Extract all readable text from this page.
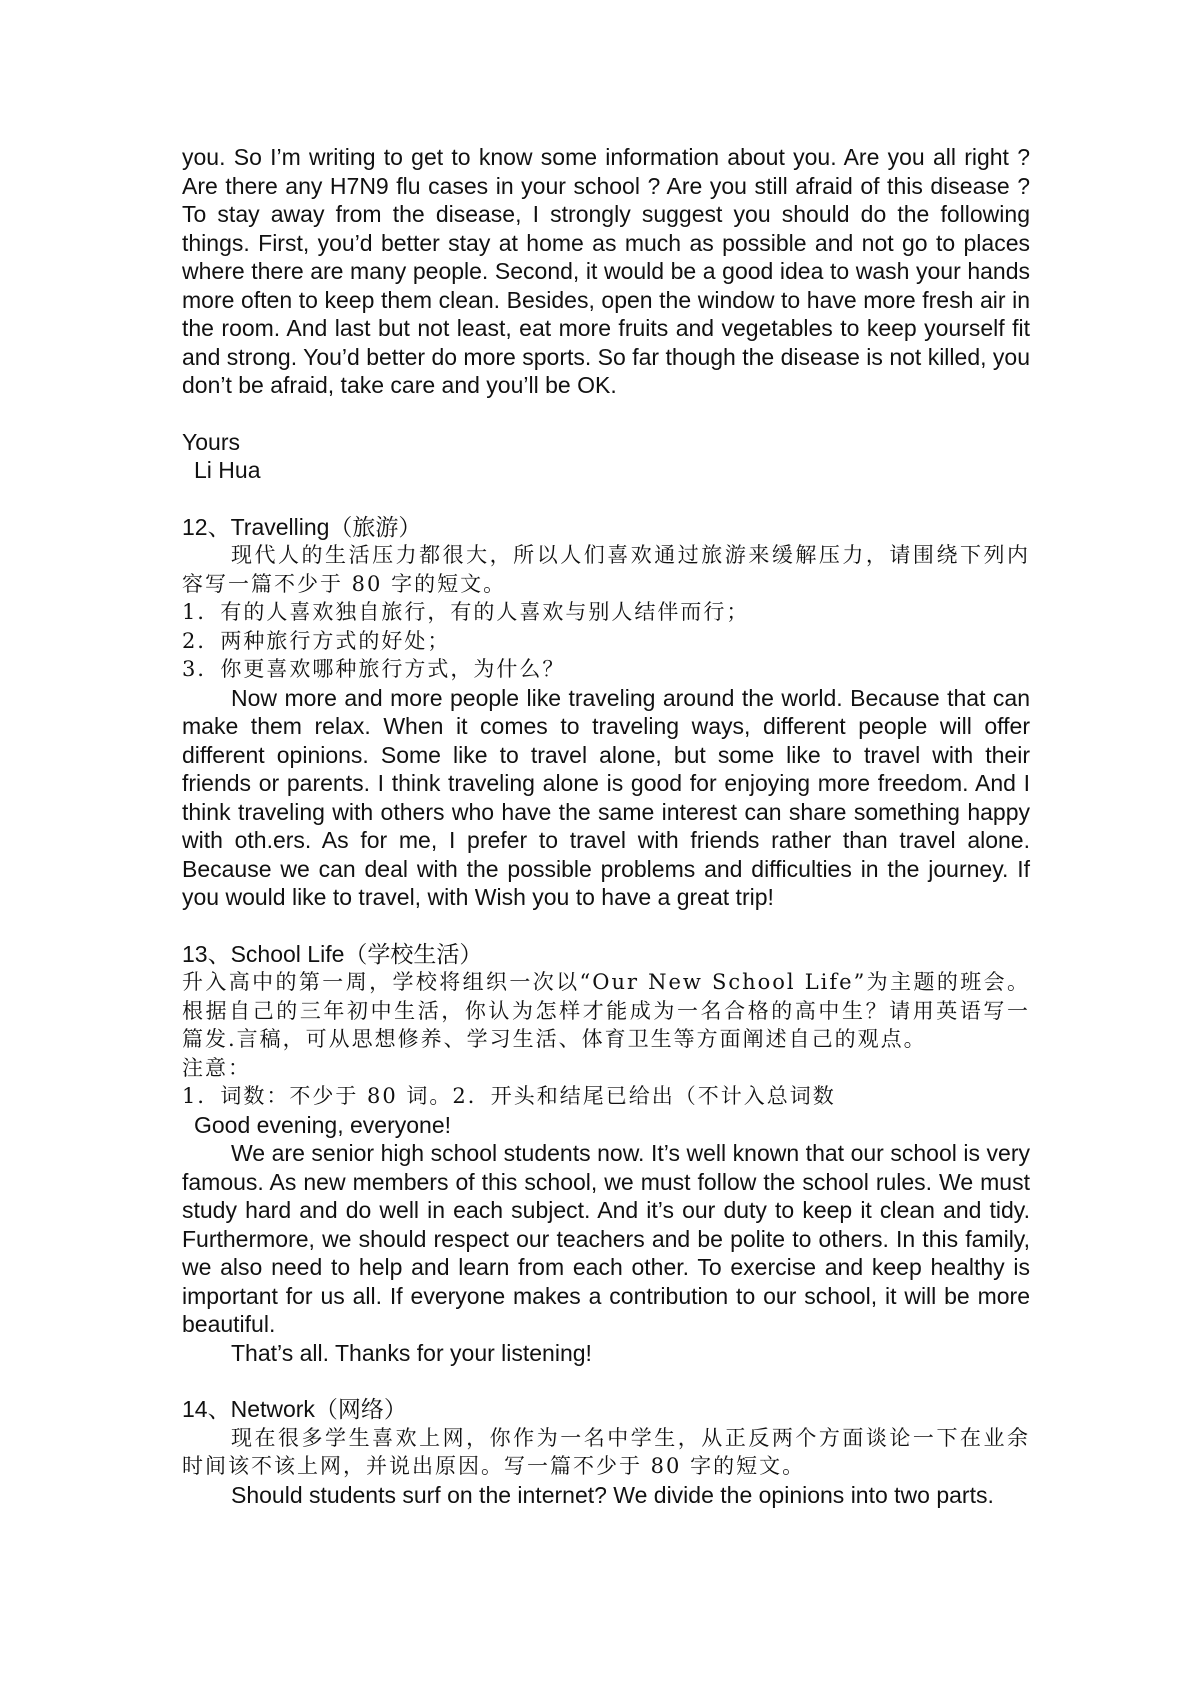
you. So I’m writing to get to know some information about you. Are you all right ? Are there any H7N9 flu cases in your school ? Are you still afraid of this disease ? To stay away from the disease, I strongly suggest you should do the following things. First, you’d better stay at home as much as possible and not go to places where there are many people. Second, it would be a good idea to wash your hands more often to keep them clean. Besides, open the window to have more fresh air in the room. And last but not least, eat more fruits and vegetables to keep yourself fit and strong. You’d better do more sports. So far though the disease is not killed, you don’t be afraid, take care and you’ll be OK.

Yours

Li Hua

12、Travelling（旅游）

现代人的生活压力都很大，所以人们喜欢通过旅游来缓解压力，请围绕下列内容写一篇不少于 80 字的短文。

1．有的人喜欢独自旅行，有的人喜欢与别人结伴而行；

2．两种旅行方式的好处；

3．你更喜欢哪种旅行方式，为什么？

Now more and more people like traveling around the world. Because that can make them relax. When it comes to traveling ways, different people will offer different opinions. Some like to travel alone, but some like to travel with their friends or parents. I think traveling alone is good for enjoying more freedom. And I think traveling with others who have the same interest can share something happy with oth.ers. As for me, I prefer to travel with friends rather than travel alone. Because we can deal with the possible problems and difficulties in the journey. If you would like to travel, with Wish you to have a great trip!

13、School Life（学校生活）

升入高中的第一周，学校将组织一次以“Our New School Life”为主题的班会。根据自己的三年初中生活，你认为怎样才能成为一名合格的高中生？请用英语写一篇发.言稿，可从思想修养、学习生活、体育卫生等方面阐述自己的观点。

注意：

1．词数：不少于 80 词。2．开头和结尾已给出（不计入总词数

Good evening, everyone!

We are senior high school students now. It’s well known that our school is very famous. As new members of this school, we must follow the school rules. We must study hard and do well in each subject. And it’s our duty to keep it clean and tidy. Furthermore, we should respect our teachers and be polite to others. In this family, we also need to help and learn from each other. To exercise and keep healthy is important for us all. If everyone makes a contribution to our school, it will be more beautiful.

That’s all. Thanks for your listening!

14、Network（网络）

现在很多学生喜欢上网，你作为一名中学生，从正反两个方面谈论一下在业余时间该不该上网，并说出原因。写一篇不少于 80 字的短文。

Should students surf on the internet? We divide the opinions into two parts.
